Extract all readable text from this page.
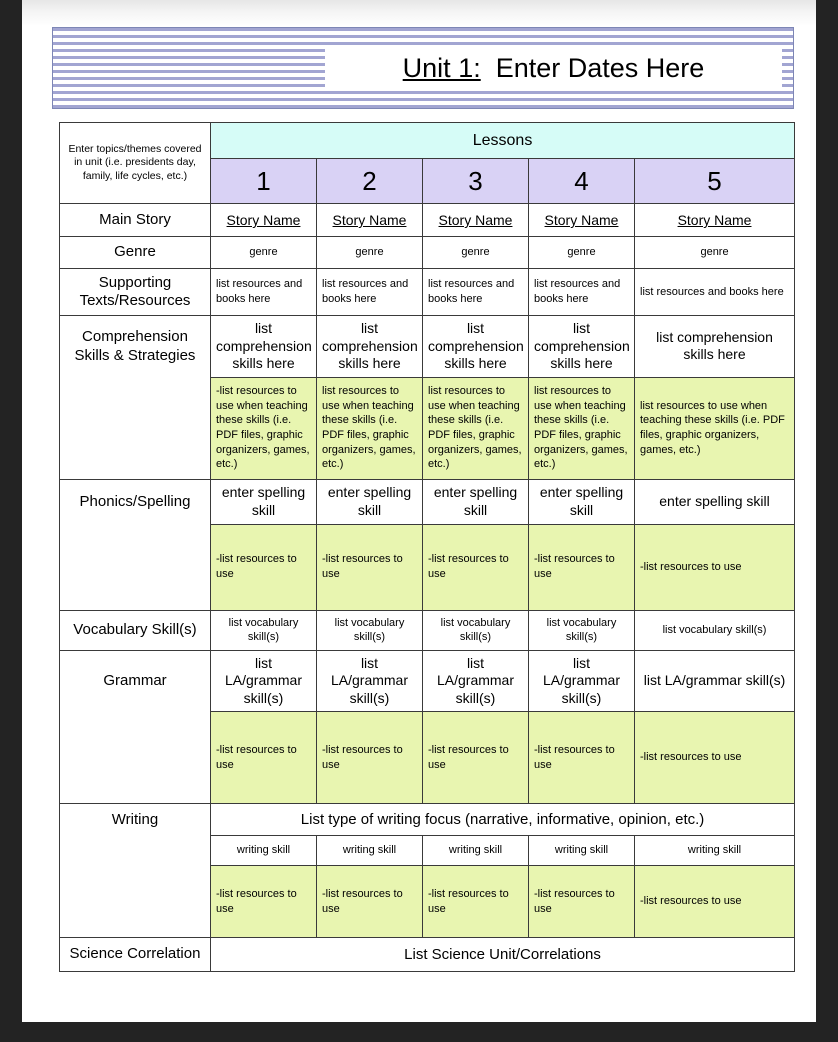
Unit 1:  Enter Dates Here
Enter topics/themes covered in unit (i.e. presidents day, family, life cycles, etc.)	Lessons				
	1	2	3	4	5
Main Story	Story Name	Story Name	Story Name	Story Name	Story Name
Genre	genre	genre	genre	genre	genre
Supporting Texts/Resources	list resources and books here	list resources and books here	list resources and books here	list resources and books here	list resources and books here
Comprehension Skills & Strategies	list comprehension skills here	list comprehension skills here	list comprehension skills here	list comprehension skills here	list comprehension skills here
	-list resources to use when teaching these skills (i.e. PDF files, graphic organizers, games, etc.)	list resources to use when teaching these skills (i.e. PDF files, graphic organizers, games, etc.)	list resources to use when teaching these skills (i.e. PDF files, graphic organizers, games, etc.)	list resources to use when teaching these skills (i.e. PDF files, graphic organizers, games, etc.)	list resources to use when teaching these skills (i.e. PDF files, graphic organizers, games, etc.)
Phonics/Spelling	enter spelling skill	enter spelling skill	enter spelling skill	enter spelling skill	enter spelling skill
	-list resources to use	-list resources to use	-list resources to use	-list resources to use	-list resources to use
Vocabulary Skill(s)	list vocabulary skill(s)	list vocabulary skill(s)	list vocabulary skill(s)	list vocabulary skill(s)	list vocabulary skill(s)
Grammar	list LA/grammar skill(s)	list LA/grammar skill(s)	list LA/grammar skill(s)	list LA/grammar skill(s)	list LA/grammar skill(s)
	-list resources to use	-list resources to use	-list resources to use	-list resources to use	-list resources to use
Writing	List type of writing focus (narrative, informative, opinion, etc.)				
	writing skill	writing skill	writing skill	writing skill	writing skill
	-list resources to use	-list resources to use	-list resources to use	-list resources to use	-list resources to use
Science Correlation	List Science Unit/Correlations				
